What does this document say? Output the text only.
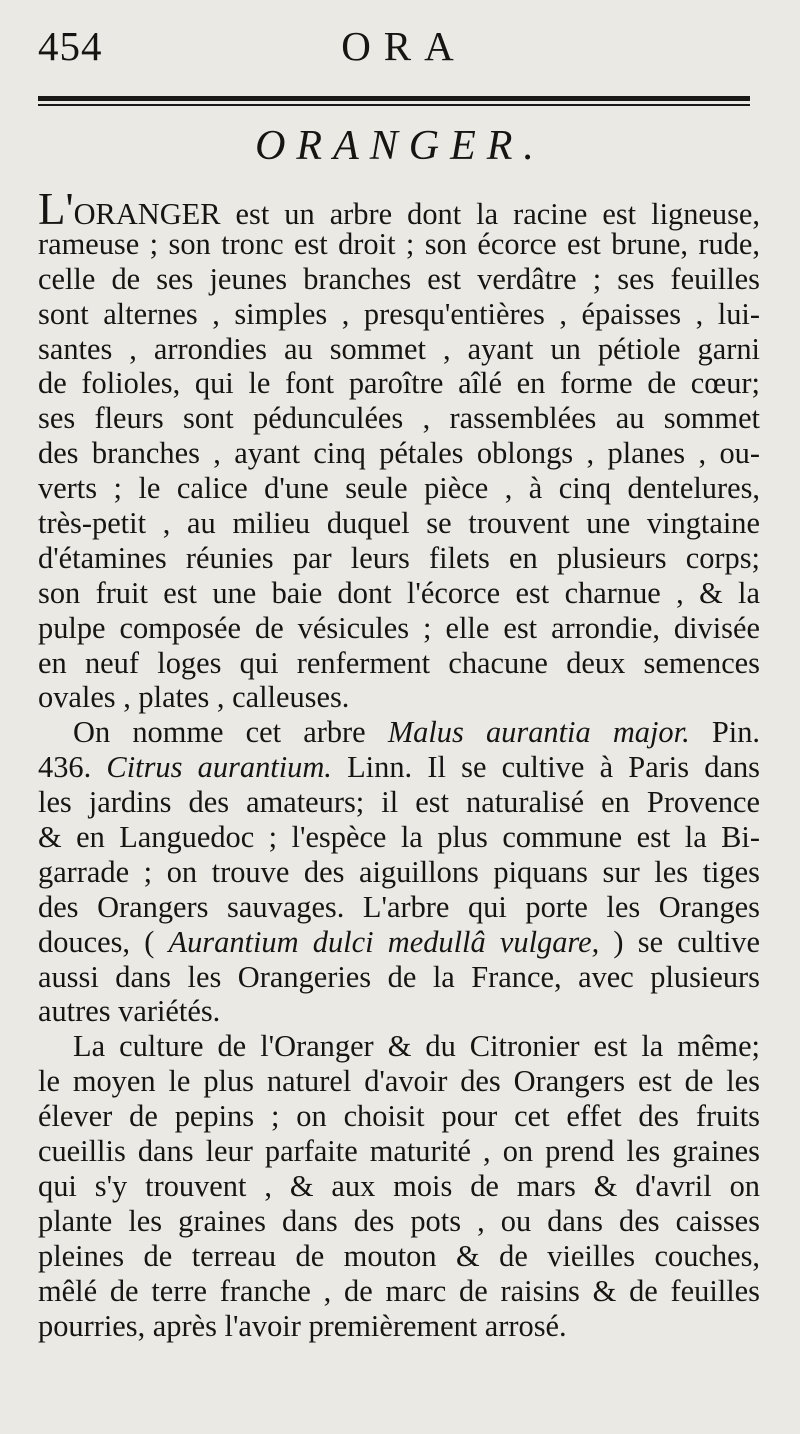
454	ORA
ORANGER.
L'ORANGER est un arbre dont la racine est ligneuse,
rameuse ; son tronc est droit ; son écorce est brune, rude,
celle de ses jeunes branches est verdâtre ; ses feuilles
sont alternes , simples , presqu'entières , épaisses , lui-
santes , arrondies au sommet , ayant un pétiole garni
de folioles, qui le font paroître aîlé en forme de cœur;
ses fleurs sont pédunculées , rassemblées au sommet
des branches , ayant cinq pétales oblongs , planes , ou-
verts ; le calice d'une seule pièce , à cinq dentelures,
très-petit , au milieu duquel se trouvent une vingtaine
d'étamines réunies par leurs filets en plusieurs corps;
son fruit est une baie dont l'écorce est charnue , & la
pulpe composée de vésicules ; elle est arrondie, divisée
en neuf loges qui renferment chacune deux semences
ovales , plates , calleuses.
On nomme cet arbre Malus aurantia major. Pin.
436. Citrus aurantium. Linn. Il se cultive à Paris dans
les jardins des amateurs; il est naturalisé en Provence
& en Languedoc ; l'espèce la plus commune est la Bi-
garrade ; on trouve des aiguillons piquans sur les tiges
des Orangers sauvages. L'arbre qui porte les Oranges
douces, ( Aurantium dulci medullâ vulgare, ) se cultive
aussi dans les Orangeries de la France, avec plusieurs
autres variétés.
La culture de l'Oranger & du Citronier est la même;
le moyen le plus naturel d'avoir des Orangers est de les
élever de pepins ; on choisit pour cet effet des fruits
cueillis dans leur parfaite maturité , on prend les graines
qui s'y trouvent , & aux mois de mars & d'avril on
plante les graines dans des pots , ou dans des caisses
pleines de terreau de mouton & de vieilles couches,
mêlé de terre franche , de marc de raisins & de feuilles
pourries, après l'avoir premièrement arrosé.
